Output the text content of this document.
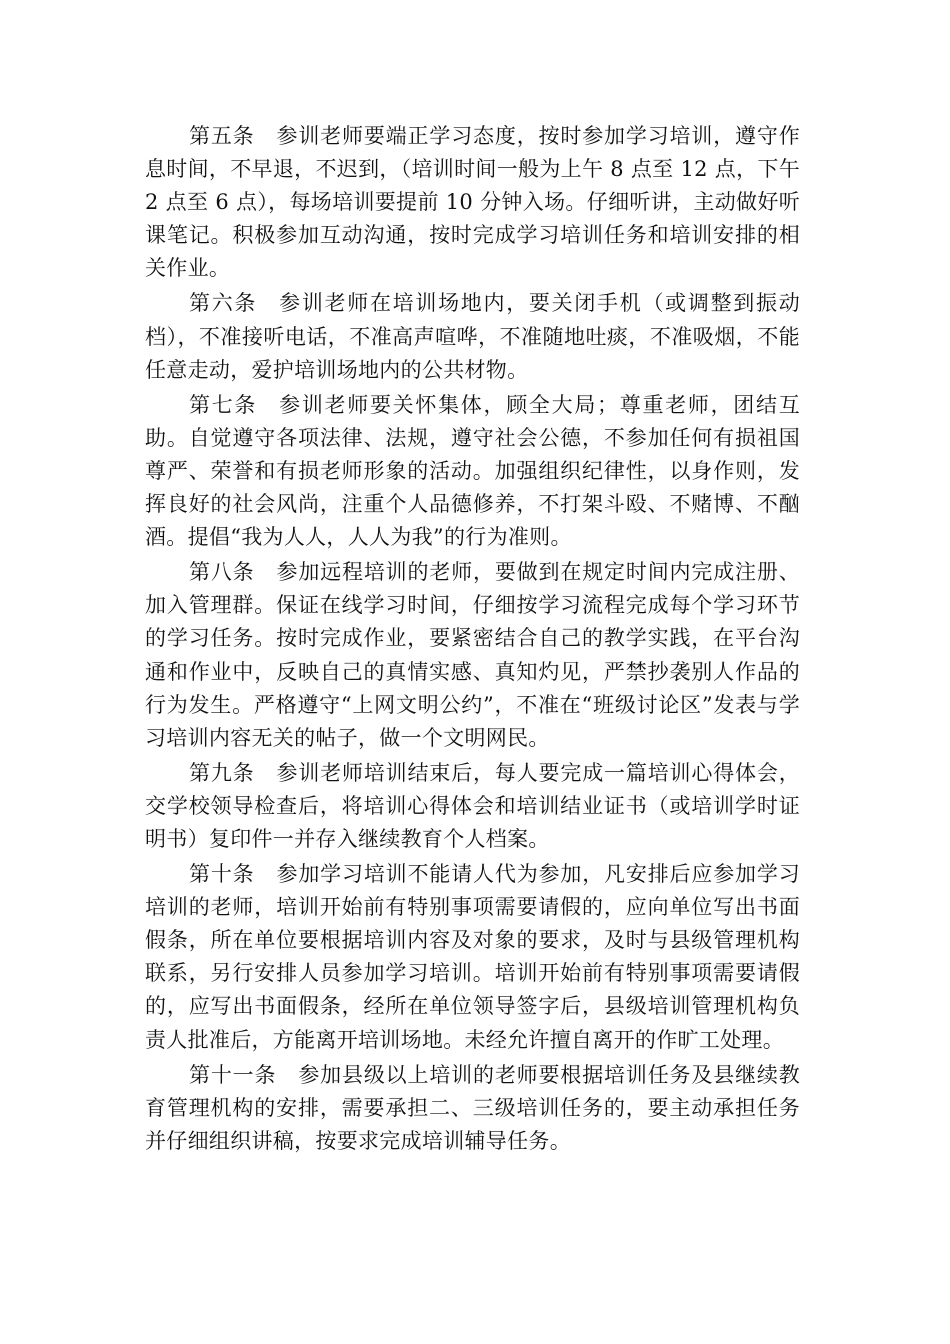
第五条 参训老师要端正学习态度，按时参加学习培训，遵守作息时间，不早退，不迟到，（培训时间一般为上午 8 点至 12 点，下午 2 点至 6 点），每场培训要提前 10 分钟入场。仔细听讲，主动做好听课笔记。积极参加互动沟通，按时完成学习培训任务和培训安排的相关作业。

第六条 参训老师在培训场地内，要关闭手机（或调整到振动档），不准接听电话，不准高声喧哗，不准随地吐痰，不准吸烟，不能任意走动，爱护培训场地内的公共材物。

第七条 参训老师要关怀集体，顾全大局；尊重老师，团结互助。自觉遵守各项法律、法规，遵守社会公德，不参加任何有损祖国尊严、荣誉和有损老师形象的活动。加强组织纪律性，以身作则，发挥良好的社会风尚，注重个人品德修养，不打架斗殴、不赌博、不酗酒。提倡“我为人人，人人为我”的行为准则。

第八条 参加远程培训的老师，要做到在规定时间内完成注册、加入管理群。保证在线学习时间，仔细按学习流程完成每个学习环节的学习任务。按时完成作业，要紧密结合自己的教学实践，在平台沟通和作业中，反映自己的真情实感、真知灼见，严禁抄袭别人作品的行为发生。严格遵守“上网文明公约”，不准在“班级讨论区”发表与学习培训内容无关的帖子，做一个文明网民。

第九条 参训老师培训结束后，每人要完成一篇培训心得体会，交学校领导检查后，将培训心得体会和培训结业证书（或培训学时证明书）复印件一并存入继续教育个人档案。

第十条 参加学习培训不能请人代为参加，凡安排后应参加学习培训的老师，培训开始前有特别事项需要请假的，应向单位写出书面假条，所在单位要根据培训内容及对象的要求，及时与县级管理机构联系，另行安排人员参加学习培训。培训开始前有特别事项需要请假的，应写出书面假条，经所在单位领导签字后，县级培训管理机构负责人批准后，方能离开培训场地。未经允许擅自离开的作旷工处理。

第十一条 参加县级以上培训的老师要根据培训任务及县继续教育管理机构的安排，需要承担二、三级培训任务的，要主动承担任务并仔细组织讲稿，按要求完成培训辅导任务。
